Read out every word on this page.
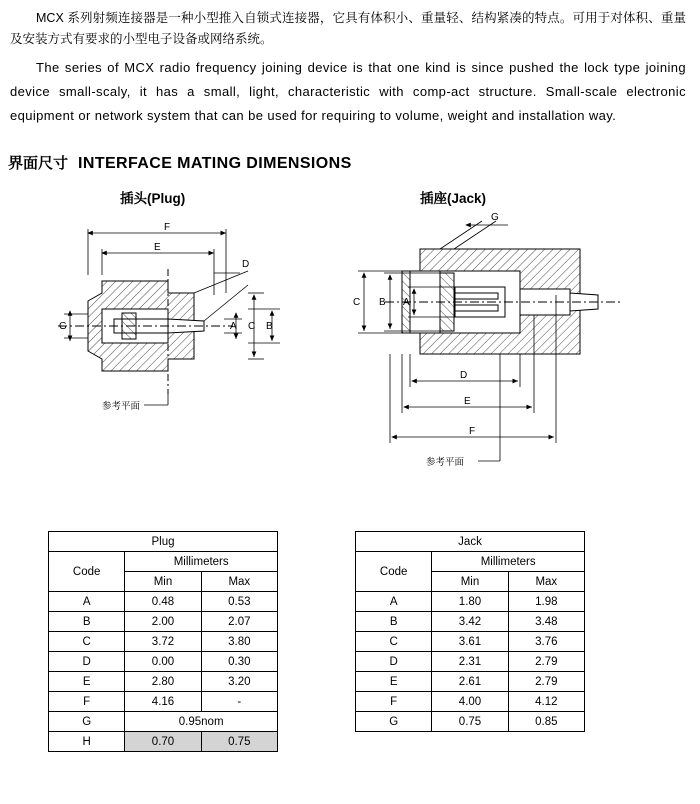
MCX 系列射频连接器是一种小型推入自锁式连接器，它具有体积小、重量轻、结构紧凑的特点。可用于对体积、重量及安装方式有要求的小型电子设备或网络系统。

The series of MCX radio frequency joining device is that one kind is since pushed the lock type joining device small-scaly, it has a small, light, characteristic with comp-act structure. Small-scale electronic equipment or network system that can be used for requiring to volume, weight and installation way.

界面尺寸 INTERFACE MATING DIMENSIONS
插头(Plug)	插座(Jack)
F
E
D
C B
A
G
参考平面
G
C B A
D
E
F
参考平面
Plug		
Code	Millimeters	
	Min	Max
A	0.48	0.53
B	2.00	2.07
C	3.72	3.80
D	0.00	0.30
E	2.80	3.20
F	4.16	-
G	0.95nom	
H	0.70	0.75
Jack		
Code	Millimeters	
	Min	Max
A	1.80	1.98
B	3.42	3.48
C	3.61	3.76
D	2.31	2.79
E	2.61	2.79
F	4.00	4.12
G	0.75	0.85
